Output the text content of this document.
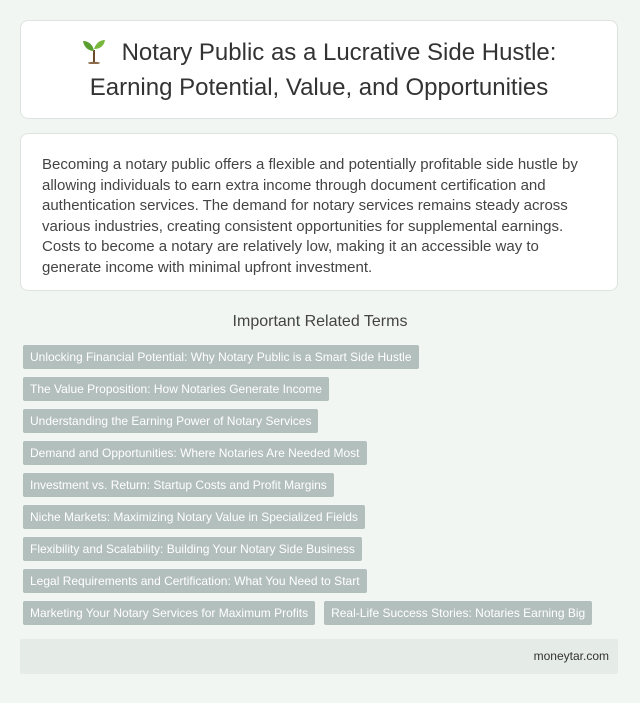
Notary Public as a Lucrative Side Hustle:
Earning Potential, Value, and Opportunities

Becoming a notary public offers a flexible and potentially profitable side hustle by allowing individuals to earn extra income through document certification and authentication services. The demand for notary services remains steady across various industries, creating consistent opportunities for supplemental earnings. Costs to become a notary are relatively low, making it an accessible way to generate income with minimal upfront investment.

Important Related Terms
Unlocking Financial Potential: Why Notary Public is a Smart Side Hustle
The Value Proposition: How Notaries Generate Income
Understanding the Earning Power of Notary Services
Demand and Opportunities: Where Notaries Are Needed Most
Investment vs. Return: Startup Costs and Profit Margins
Niche Markets: Maximizing Notary Value in Specialized Fields
Flexibility and Scalability: Building Your Notary Side Business
Legal Requirements and Certification: What You Need to Start
Marketing Your Notary Services for Maximum Profits	Real-Life Success Stories: Notaries Earning Big
moneytar.com
